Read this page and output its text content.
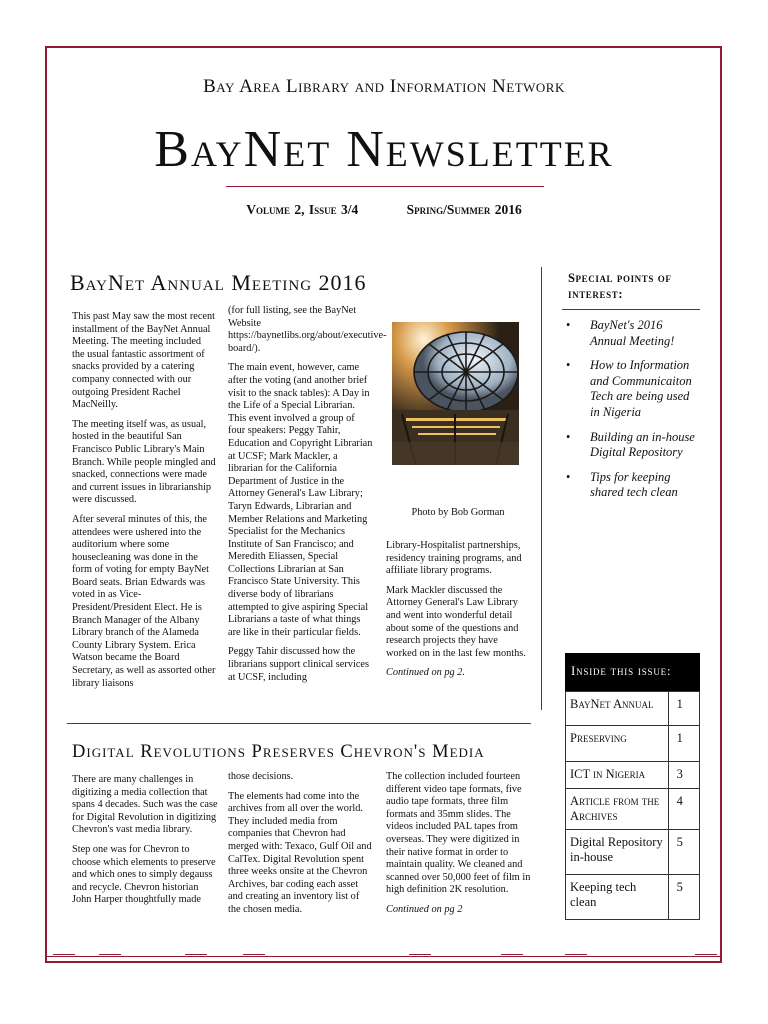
Bay Area Library and Information Network
BayNet Newsletter
Volume 2, Issue 3/4	Spring/Summer 2016
BayNet Annual Meeting 2016

This past May saw the most recent installment of the BayNet Annual Meeting. The meeting included the usual fantastic assortment of snacks provided by a catering company connected with our outgoing President Rachel MacNeilly.

The meeting itself was, as usual, hosted in the beautiful San Francisco Public Library's Main Branch. While people mingled and snacked, connections were made and current issues in librarianship were discussed.

After several minutes of this, the attendees were ushered into the auditorium where some housecleaning was done in the form of voting for empty BayNet Board seats. Brian Edwards was voted in as Vice-President/President Elect. He is Branch Manager of the Albany Library branch of the Alameda County Library System. Erica Watson became the Board Secretary, as well as assorted other library liaisons

(for full listing, see the BayNet Website https://baynetlibs.org/about/executive-board/).

The main event, however, came after the voting (and another brief visit to the snack tables): A Day in the Life of a Special Librarian. This event involved a group of four speakers: Peggy Tahir, Education and Copyright Librarian at UCSF; Mark Mackler, a librarian for the California Department of Justice in the Attorney General's Law Library; Taryn Edwards, Librarian and Member Relations and Marketing Specialist for the Mechanics Institute of San Francisco; and Meredith Eliassen, Special Collections Librarian at San Francisco State University. This diverse body of librarians attempted to give aspiring Special Librarians a taste of what things are like in their particular fields.

Peggy Tahir discussed how the librarians support clinical services at UCSF, including

Photo by Bob Gorman

Library-Hospitalist partnerships, residency training programs, and affiliate library programs.

Mark Mackler discussed the Attorney General's Law Library and went into wonderful detail about some of the questions and research projects they have worked on in the last few months.

Continued on pg 2.

Digital Revolutions Preserves Chevron's Media

There are many challenges in digitizing a media collection that spans 4 decades. Such was the case for Digital Revolution in digitizing Chevron's vast media library.

Step one was for Chevron to choose which elements to preserve and which ones to simply degauss and recycle. Chevron historian John Harper thoughtfully made

those decisions.

The elements had come into the archives from all over the world. They included media from companies that Chevron had merged with: Texaco, Gulf Oil and CalTex. Digital Revolution spent three weeks onsite at the Chevron Archives, bar coding each asset and creating an inventory list of the chosen media.

The collection included fourteen different video tape formats, five audio tape formats, three film formats and 35mm slides. The videos included PAL tapes from overseas. They were digitized in their native format in order to maintain quality. We cleaned and scanned over 50,000 feet of film in high definition 2K resolution.

Continued on pg 2

Special points of interest:
• BayNet's 2016 Annual Meeting!
• How to Information and Communicaiton Tech are being used in Nigeria
• Building an in-house Digital Repository
• Tips for keeping shared tech clean
Inside this issue:
BayNet Annual	1
Preserving	1
ICT in Nigeria	3
Article from the Archives	4
Digital Repository in-house	5
Keeping tech clean	5
